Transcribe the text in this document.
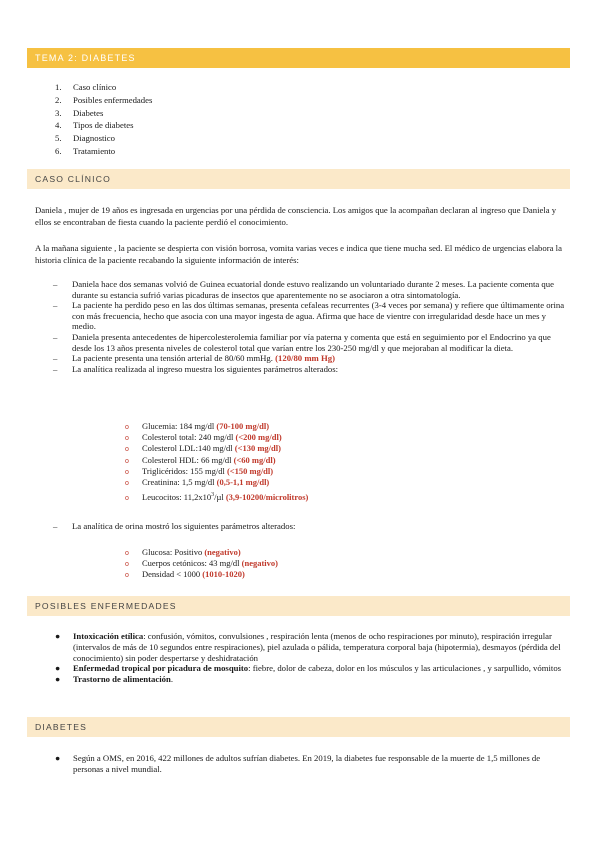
TEMA 2: DIABETES
1. Caso clínico
2. Posibles enfermedades
3. Diabetes
4. Tipos de diabetes
5. Diagnostico
6. Tratamiento
CASO CLÍNICO
Daniela , mujer de 19 años es ingresada en urgencias por una pérdida de consciencia. Los amigos que la acompañan declaran al ingreso que Daniela y ellos se encontraban de fiesta cuando la paciente perdió el conocimiento.
A la mañana siguiente , la paciente se despierta con visión borrosa, vomita varias veces e indica que tiene mucha sed. El médico de urgencias elabora la historia clínica de la paciente recabando la siguiente información de interés:
– Daniela hace dos semanas volvió de Guinea ecuatorial donde estuvo realizando un voluntariado durante 2 meses. La paciente comenta que durante su estancia sufrió varias picaduras de insectos que aparentemente no se asociaron a otra sintomatología.
– La paciente ha perdido peso en las dos últimas semanas, presenta cefaleas recurrentes (3-4 veces por semana) y refiere que últimamente orina con más frecuencia, hecho que asocia con una mayor ingesta de agua. Afirma que hace de vientre con irregularidad desde hace un mes y medio.
– Daniela presenta antecedentes de hipercolesterolemia familiar por vía paterna y comenta que está en seguimiento por el Endocrino ya que desde los 13 años presenta niveles de colesterol total que varían entre los 230-250 mg/dl y que mejoraban al modificar la dieta.
– La paciente presenta una tensión arterial de 80/60 mmHg. (120/80 mm Hg)
– La analítica realizada al ingreso muestra los siguientes parámetros alterados:
o Glucemia: 184 mg/dl (70-100 mg/dl)
o Colesterol total: 240 mg/dl (<200 mg/dl)
o Colesterol LDL:140 mg/dl (<130 mg/dl)
o Colesterol HDL: 66 mg/dl (<60 mg/dl)
o Triglicéridos: 155 mg/dl (<150 mg/dl)
o Creatinina: 1,5 mg/dl (0,5-1,1 mg/dl)
o Leucocitos: $11,2x10^3/\mu l$ (3,9-10200/microlitros)
– La analítica de orina mostró los siguientes parámetros alterados:
o Glucosa: Positivo (negativo)
o Cuerpos cetónicos: 43 mg/dl (negativo)
o Densidad < 1000 (1010-1020)
POSIBLES ENFERMEDADES
● Intoxicación etílica: confusión, vómitos, convulsiones , respiración lenta (menos de ocho respiraciones por minuto), respiración irregular (intervalos de más de 10 segundos entre respiraciones), piel azulada o pálida, temperatura corporal baja (hipotermia), desmayos (pérdida del conocimiento) sin poder despertarse y deshidratación
● Enfermedad tropical por picadura de mosquito: fiebre, dolor de cabeza, dolor en los músculos y las articulaciones , y sarpullido, vómitos
● Trastorno de alimentación.
DIABETES
● Según a OMS, en 2016, 422 millones de adultos sufrían diabetes. En 2019, la diabetes fue responsable de la muerte de 1,5 millones de personas a nivel mundial.
